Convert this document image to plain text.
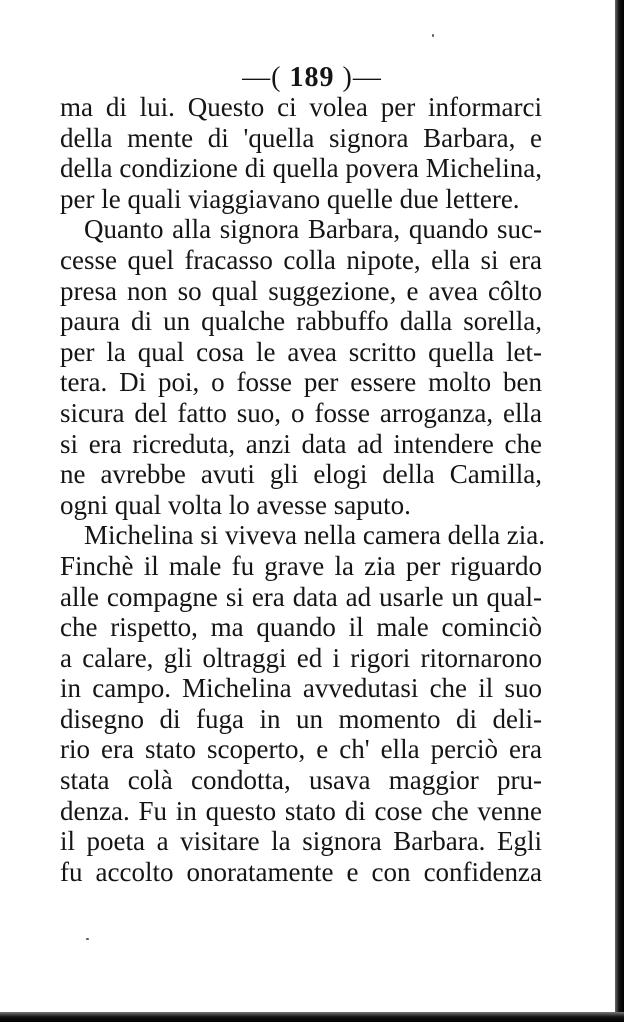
—( 189 )—
ma di lui. Questo ci volea per informarci
della mente di 'quella signora Barbara, e
della condizione di quella povera Michelina,
per le quali viaggiavano quelle due lettere.
Quanto alla signora Barbara, quando suc-
cesse quel fracasso colla nipote, ella si era
presa non so qual suggezione, e avea côlto
paura di un qualche rabbuffo dalla sorella,
per la qual cosa le avea scritto quella let-
tera. Di poi, o fosse per essere molto ben
sicura del fatto suo, o fosse arroganza, ella
si era ricreduta, anzi data ad intendere che
ne avrebbe avuti gli elogi della Camilla,
ogni qual volta lo avesse saputo.
Michelina si viveva nella camera della zia.
Finchè il male fu grave la zia per riguardo
alle compagne si era data ad usarle un qual-
che rispetto, ma quando il male cominciò
a calare, gli oltraggi ed i rigori ritornarono
in campo. Michelina avvedutasi che il suo
disegno di fuga in un momento di deli-
rio era stato scoperto, e ch' ella perciò era
stata colà condotta, usava maggior pru-
denza. Fu in questo stato di cose che venne
il poeta a visitare la signora Barbara. Egli
fu accolto onoratamente e con confidenza
